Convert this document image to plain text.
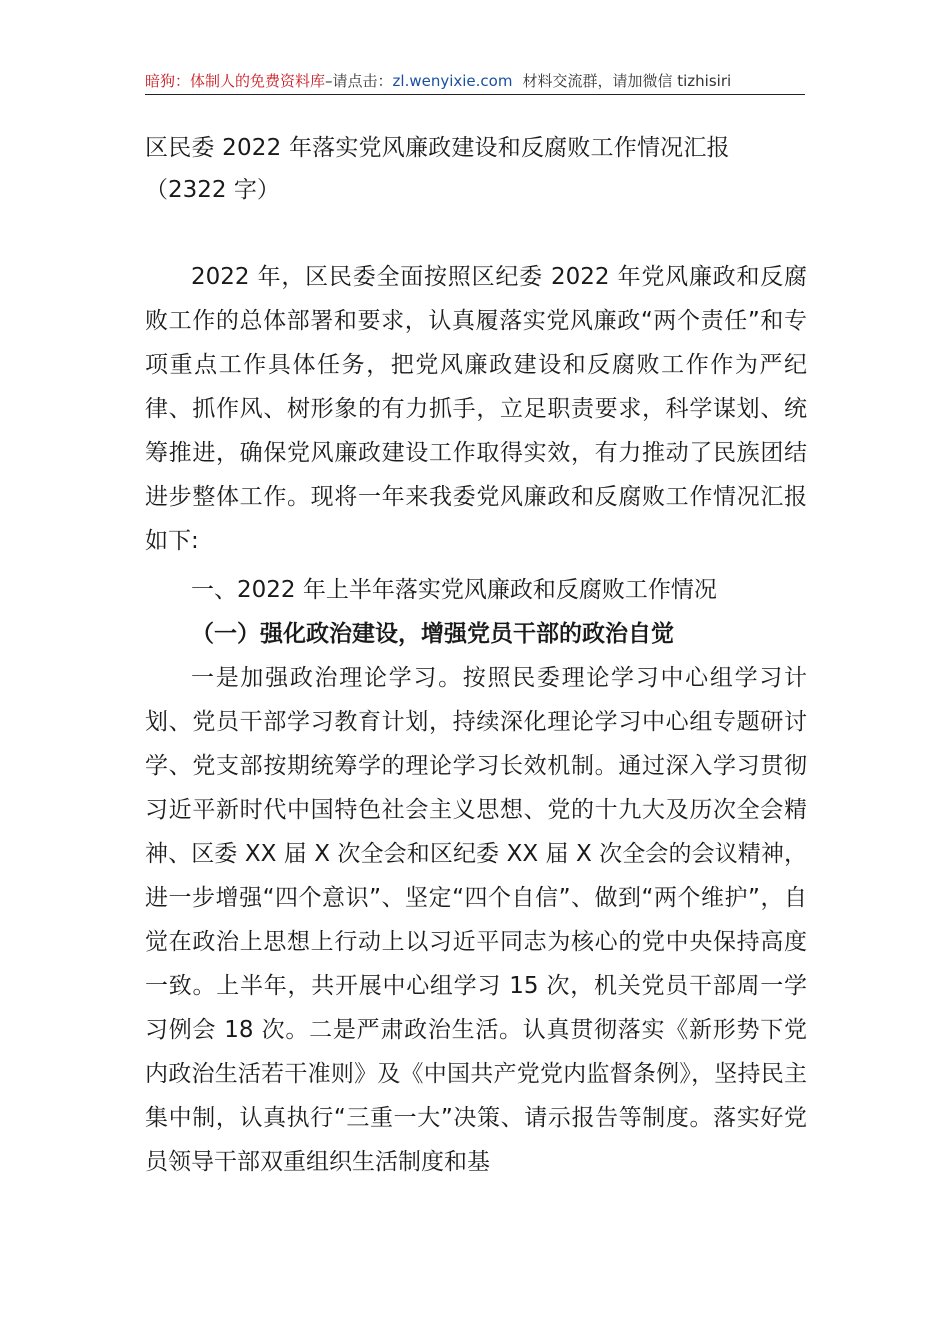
暗狗：体制人的免费资料库–请点击：zl.wenyixie.com 材料交流群，请加微信 tizhisiri
区民委 2022 年落实党风廉政建设和反腐败工作情况汇报
（2322 字）

2022 年，区民委全面按照区纪委 2022 年党风廉政和反腐败工作的总体部署和要求，认真履落实党风廉政“两个责任”和专项重点工作具体任务，把党风廉政建设和反腐败工作作为严纪律、抓作风、树形象的有力抓手，立足职责要求，科学谋划、统筹推进，确保党风廉政建设工作取得实效，有力推动了民族团结进步整体工作。现将一年来我委党风廉政和反腐败工作情况汇报如下:

一、2022 年上半年落实党风廉政和反腐败工作情况

（一）强化政治建设，增强党员干部的政治自觉

一是加强政治理论学习。按照民委理论学习中心组学习计划、党员干部学习教育计划，持续深化理论学习中心组专题研讨学、党支部按期统筹学的理论学习长效机制。通过深入学习贯彻习近平新时代中国特色社会主义思想、党的十九大及历次全会精神、区委 XX 届 X 次全会和区纪委 XX 届 X 次全会的会议精神，进一步增强“四个意识”、坚定“四个自信”、做到“两个维护”，自觉在政治上思想上行动上以习近平同志为核心的党中央保持高度一致。上半年，共开展中心组学习 15 次，机关党员干部周一学习例会 18 次。二是严肃政治生活。认真贯彻落实《新形势下党内政治生活若干准则》及《中国共产党党内监督条例》，坚持民主集中制，认真执行“三重一大”决策、请示报告等制度。落实好党员领导干部双重组织生活制度和基
